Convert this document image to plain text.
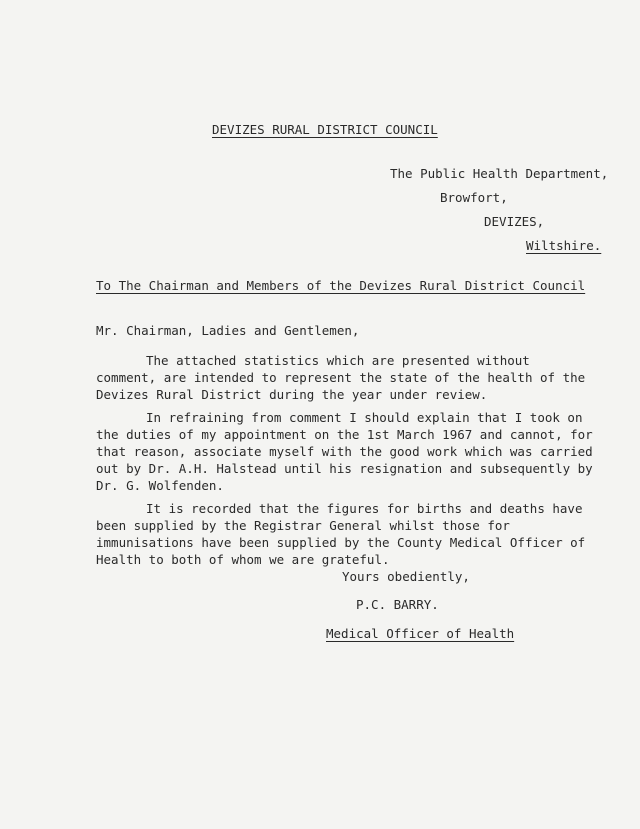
DEVIZES RURAL DISTRICT COUNCIL
The Public Health Department,
Browfort,
DEVIZES,
Wiltshire.
To The Chairman and Members of the Devizes Rural District Council
Mr. Chairman, Ladies and Gentlemen,

The attached statistics which are presented without comment, are intended to represent the state of the health of the Devizes Rural District during the year under review.

In refraining from comment I should explain that I took on the duties of my appointment on the 1st March 1967 and cannot, for that reason, associate myself with the good work which was carried out by Dr. A.H. Halstead until his resignation and subsequently by Dr. G. Wolfenden.

It is recorded that the figures for births and deaths have been supplied by the Registrar General whilst those for immunisations have been supplied by the County Medical Officer of Health to both of whom we are grateful.

Yours obediently,
P.C. BARRY.
Medical Officer of Health
